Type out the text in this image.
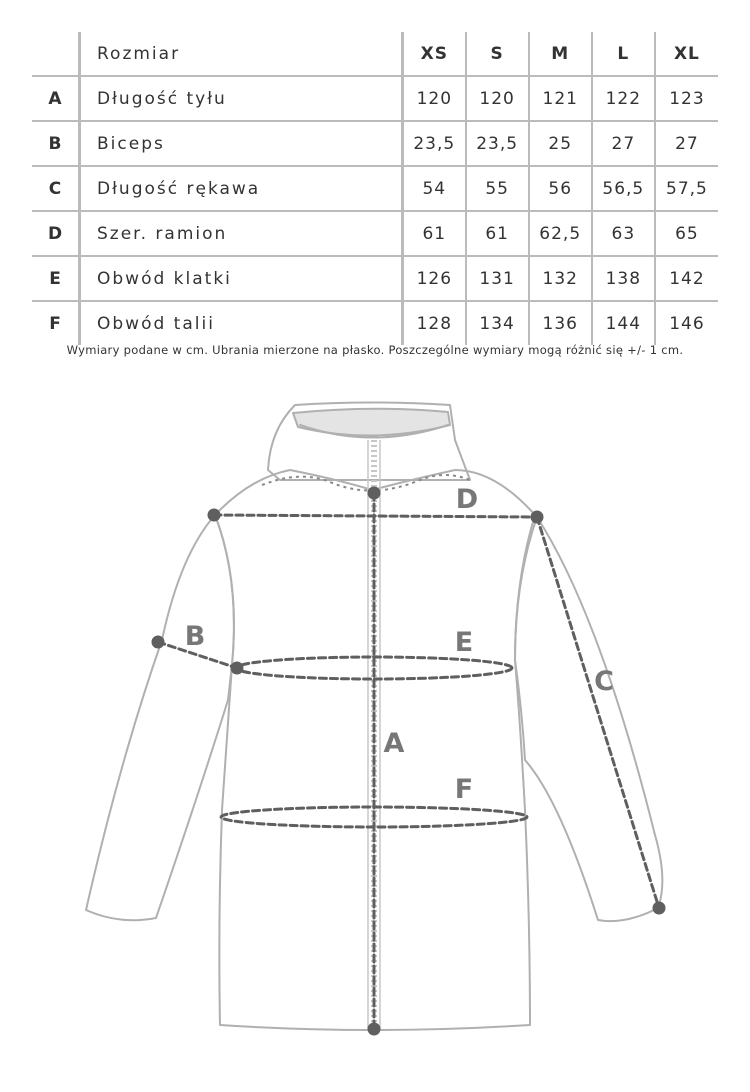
	Rozmiar	XS	S	M	L	XL
A	Długość tyłu	120	120	121	122	123
B	Biceps	23,5	23,5	25	27	27
C	Długość rękawa	54	55	56	56,5	57,5
D	Szer. ramion	61	61	62,5	63	65
E	Obwód klatki	126	131	132	138	142
F	Obwód talii	128	134	136	144	146
Wymiary podane w cm. Ubrania mierzone na płasko. Poszczególne wymiary mogą różnić się +/- 1 cm.
A
B
C
D
E
F
